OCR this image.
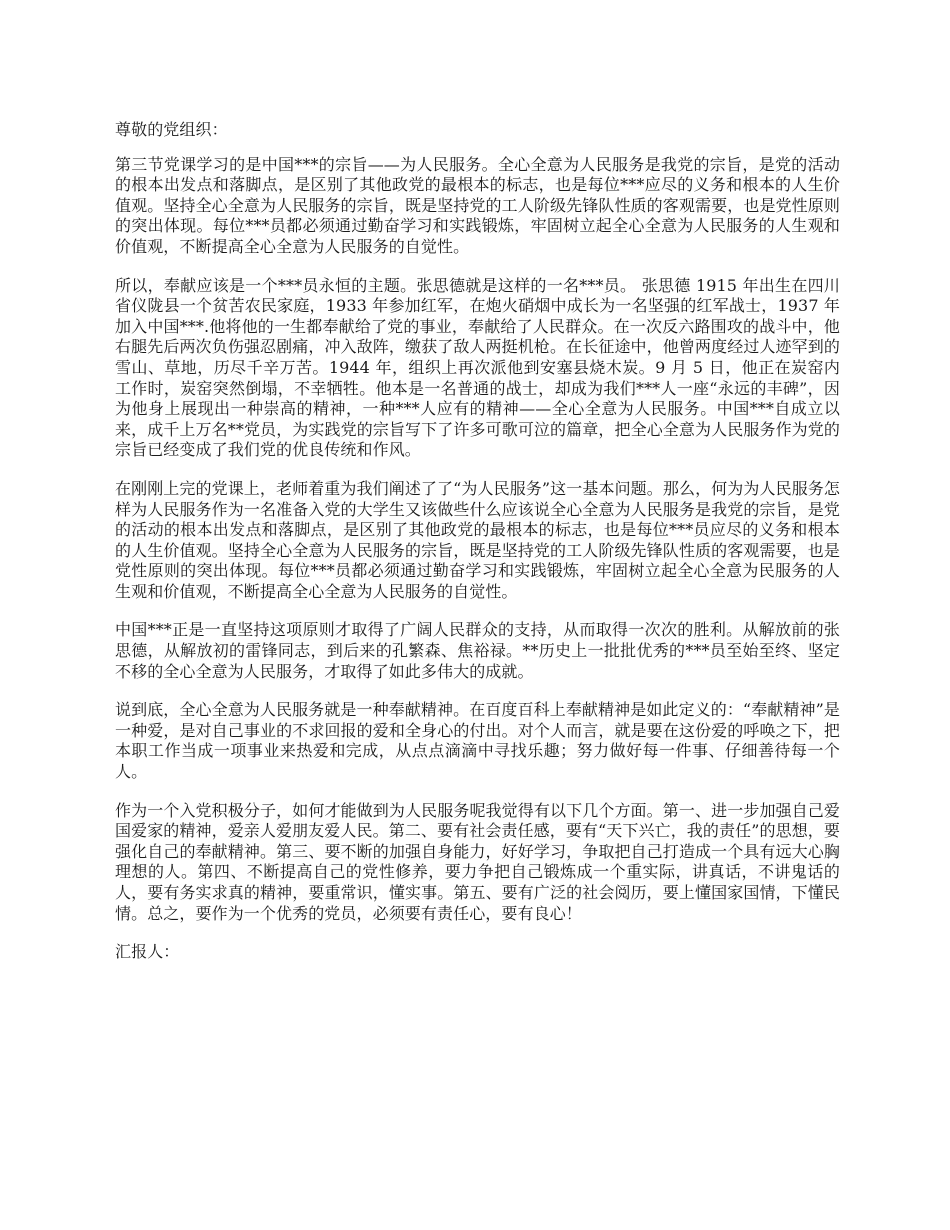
尊敬的党组织：

第三节党课学习的是中国***的宗旨——为人民服务。全心全意为人民服务是我党的宗旨，是党的活动的根本出发点和落脚点，是区别了其他政党的最根本的标志，也是每位***应尽的义务和根本的人生价值观。坚持全心全意为人民服务的宗旨，既是坚持党的工人阶级先锋队性质的客观需要，也是党性原则的突出体现。每位***员都必须通过勤奋学习和实践锻炼，牢固树立起全心全意为人民服务的人生观和价值观，不断提高全心全意为人民服务的自觉性。

所以，奉献应该是一个***员永恒的主题。张思德就是这样的一名***员。 张思德 1915 年出生在四川省仪陇县一个贫苦农民家庭，1933 年参加红军，在炮火硝烟中成长为一名坚强的红军战士，1937 年加入中国***.他将他的一生都奉献给了党的事业，奉献给了人民群众。在一次反六路围攻的战斗中，他右腿先后两次负伤强忍剧痛，冲入敌阵，缴获了敌人两挺机枪。在长征途中，他曾两度经过人迹罕到的雪山、草地，历尽千辛万苦。1944 年，组织上再次派他到安塞县烧木炭。9 月 5 日，他正在炭窑内工作时，炭窑突然倒塌，不幸牺牲。他本是一名普通的战士，却成为我们***人一座“永远的丰碑”，因为他身上展现出一种崇高的精神，一种***人应有的精神——全心全意为人民服务。中国***自成立以来，成千上万名**党员，为实践党的宗旨写下了许多可歌可泣的篇章，把全心全意为人民服务作为党的宗旨已经变成了我们党的优良传统和作风。

在刚刚上完的党课上，老师着重为我们阐述了了“为人民服务”这一基本问题。那么，何为为人民服务怎样为人民服务作为一名准备入党的大学生又该做些什么应该说全心全意为人民服务是我党的宗旨，是党的活动的根本出发点和落脚点，是区别了其他政党的最根本的标志，也是每位***员应尽的义务和根本的人生价值观。坚持全心全意为人民服务的宗旨，既是坚持党的工人阶级先锋队性质的客观需要，也是党性原则的突出体现。每位***员都必须通过勤奋学习和实践锻炼，牢固树立起全心全意为民服务的人生观和价值观，不断提高全心全意为人民服务的自觉性。

中国***正是一直坚持这项原则才取得了广阔人民群众的支持，从而取得一次次的胜利。从解放前的张思德，从解放初的雷锋同志，到后来的孔繁森、焦裕禄。**历史上一批批优秀的***员至始至终、坚定不移的全心全意为人民服务，才取得了如此多伟大的成就。

说到底，全心全意为人民服务就是一种奉献精神。在百度百科上奉献精神是如此定义的：“奉献精神”是一种爱，是对自己事业的不求回报的爱和全身心的付出。对个人而言，就是要在这份爱的呼唤之下，把本职工作当成一项事业来热爱和完成，从点点滴滴中寻找乐趣；努力做好每一件事、仔细善待每一个人。

作为一个入党积极分子，如何才能做到为人民服务呢我觉得有以下几个方面。第一、进一步加强自己爱国爱家的精神，爱亲人爱朋友爱人民。第二、要有社会责任感，要有“天下兴亡，我的责任”的思想，要强化自己的奉献精神。第三、要不断的加强自身能力，好好学习，争取把自己打造成一个具有远大心胸理想的人。第四、不断提高自己的党性修养，要力争把自己锻炼成一个重实际，讲真话，不讲鬼话的人，要有务实求真的精神，要重常识，懂实事。第五、要有广泛的社会阅历，要上懂国家国情，下懂民情。总之，要作为一个优秀的党员，必须要有责任心，要有良心！

汇报人：
